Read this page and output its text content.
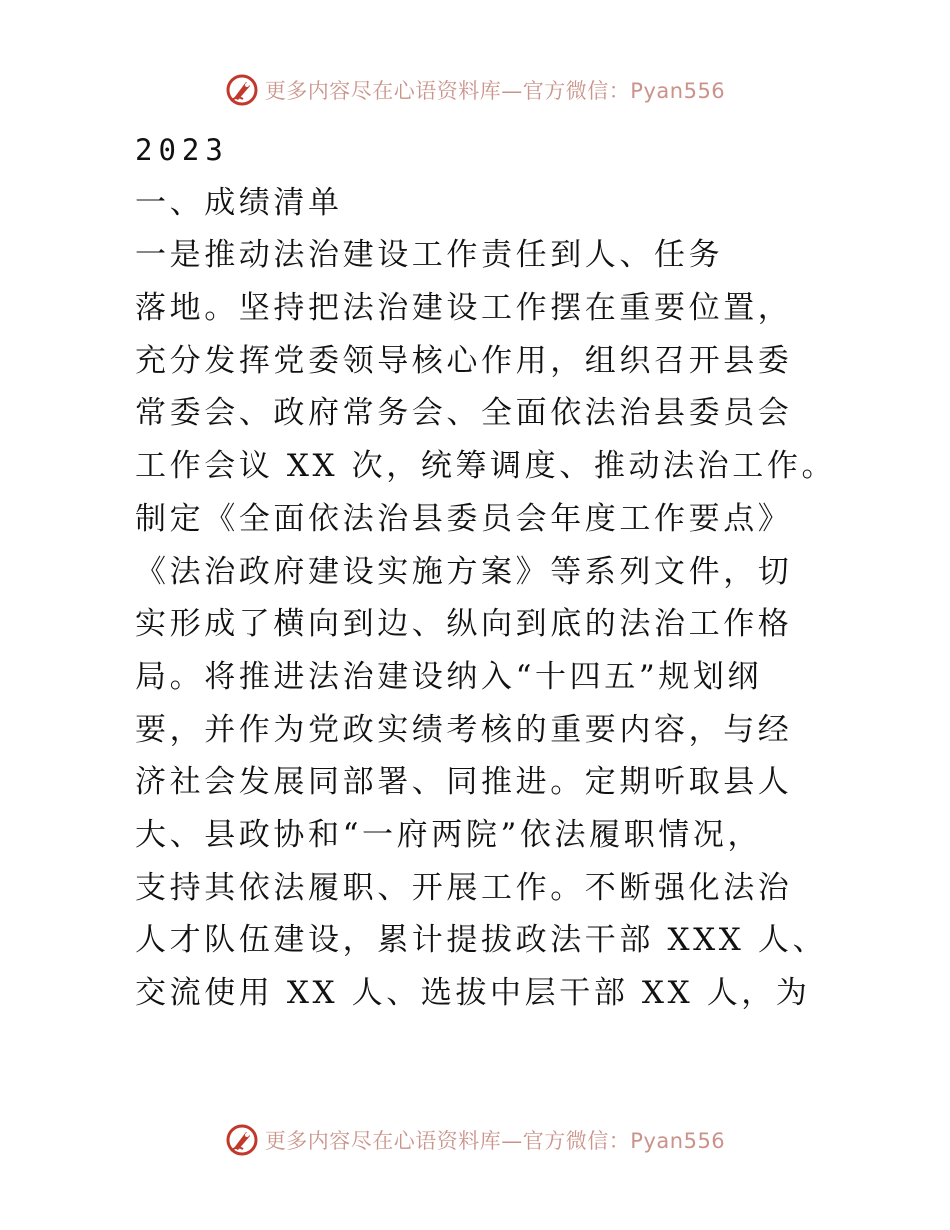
更多内容尽在心语资料库—官方微信：Pyan556
2023
一、成绩清单
一是推动法治建设工作责任到人、任务
落地。坚持把法治建设工作摆在重要位置，
充分发挥党委领导核心作用，组织召开县委
常委会、政府常务会、全面依法治县委员会
工作会议 XX 次，统筹调度、推动法治工作。
制定《全面依法治县委员会年度工作要点》
《法治政府建设实施方案》等系列文件，切
实形成了横向到边、纵向到底的法治工作格
局。将推进法治建设纳入“十四五”规划纲
要，并作为党政实绩考核的重要内容，与经
济社会发展同部署、同推进。定期听取县人
大、县政协和“一府两院”依法履职情况，
支持其依法履职、开展工作。不断强化法治
人才队伍建设，累计提拔政法干部 XXX 人、
交流使用 XX 人、选拔中层干部 XX 人，为
更多内容尽在心语资料库—官方微信：Pyan556
